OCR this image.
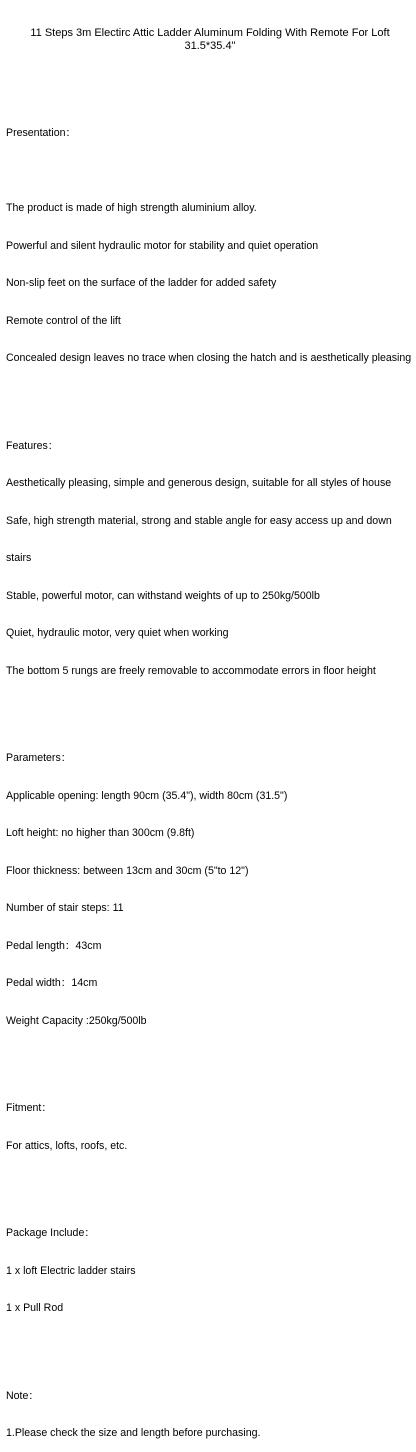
11 Steps 3m Electirc Attic Ladder Aluminum Folding With Remote For Loft 31.5*35.4"

Presentation：

The product is made of high strength aluminium alloy.

Powerful and silent hydraulic motor for stability and quiet operation

Non-slip feet on the surface of the ladder for added safety

Remote control of the lift

Concealed design leaves no trace when closing the hatch and is aesthetically pleasing

Features：

Aesthetically pleasing, simple and generous design, suitable for all styles of house

Safe, high strength material, strong and stable angle for easy access up and down

stairs

Stable, powerful motor, can withstand weights of up to 250kg/500lb

Quiet, hydraulic motor, very quiet when working

The bottom 5 rungs are freely removable to accommodate errors in floor height

Parameters：

Applicable opening: length 90cm (35.4"), width 80cm (31.5")

Loft height: no higher than 300cm (9.8ft)

Floor thickness: between 13cm and 30cm (5"to 12")

Number of stair steps: 11

Pedal length：43cm

Pedal width：14cm

Weight Capacity :250kg/500lb

Fitment：

For attics, lofts, roofs, etc.

Package Include：

1 x loft Electric ladder stairs

1 x Pull Rod

Note：

1.Please check the size and length before purchasing.
